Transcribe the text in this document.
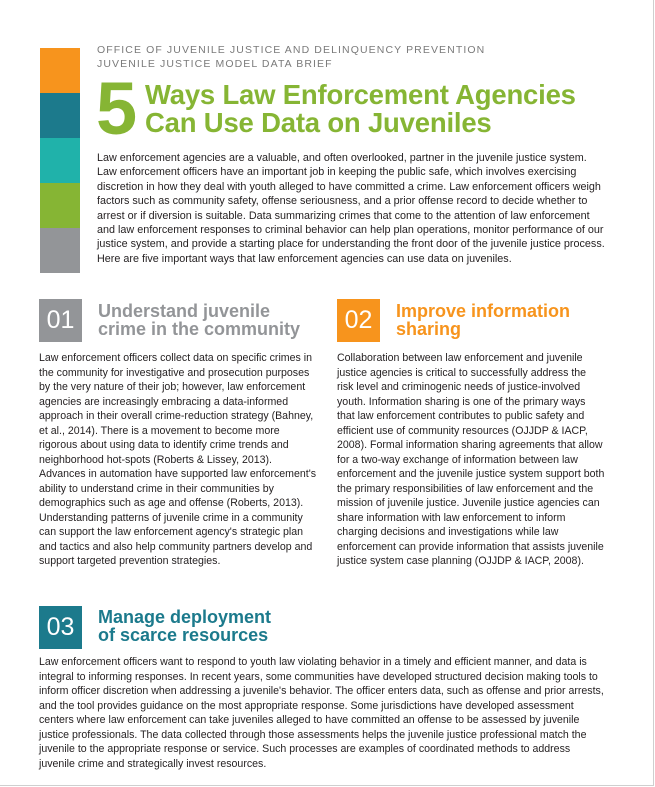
OFFICE OF JUVENILE JUSTICE AND DELINQUENCY PREVENTION
JUVENILE JUSTICE MODEL DATA BRIEF
5 Ways Law Enforcement Agencies
Can Use Data on Juveniles
Law enforcement agencies are a valuable, and often overlooked, partner in the juvenile justice system. Law enforcement officers have an important job in keeping the public safe, which involves exercising discretion in how they deal with youth alleged to have committed a crime. Law enforcement officers weigh factors such as community safety, offense seriousness, and a prior offense record to decide whether to arrest or if diversion is suitable. Data summarizing crimes that come to the attention of law enforcement and law enforcement responses to criminal behavior can help plan operations, monitor performance of our justice system, and provide a starting place for understanding the front door of the juvenile justice process. Here are five important ways that law enforcement agencies can use data on juveniles.
01	Understand juvenile
crime in the community
Law enforcement officers collect data on specific crimes in the community for investigative and prosecution purposes by the very nature of their job; however, law enforcement agencies are increasingly embracing a data-informed approach in their overall crime-reduction strategy (Bahney, et al., 2014). There is a movement to become more rigorous about using data to identify crime trends and neighborhood hot-spots (Roberts & Lissey, 2013). Advances in automation have supported law enforcement's ability to understand crime in their communities by demographics such as age and offense (Roberts, 2013). Understanding patterns of juvenile crime in a community can support the law enforcement agency's strategic plan and tactics and also help community partners develop and support targeted prevention strategies.
02	Improve information
sharing
Collaboration between law enforcement and juvenile justice agencies is critical to successfully address the risk level and criminogenic needs of justice-involved youth. Information sharing is one of the primary ways that law enforcement contributes to public safety and efficient use of community resources (OJJDP & IACP, 2008). Formal information sharing agreements that allow for a two-way exchange of information between law enforcement and the juvenile justice system support both the primary responsibilities of law enforcement and the mission of juvenile justice. Juvenile justice agencies can share information with law enforcement to inform charging decisions and investigations while law enforcement can provide information that assists juvenile justice system case planning (OJJDP & IACP, 2008).
03	Manage deployment
of scarce resources
Law enforcement officers want to respond to youth law violating behavior in a timely and efficient manner, and data is integral to informing responses. In recent years, some communities have developed structured decision making tools to inform officer discretion when addressing a juvenile's behavior. The officer enters data, such as offense and prior arrests, and the tool provides guidance on the most appropriate response. Some jurisdictions have developed assessment centers where law enforcement can take juveniles alleged to have committed an offense to be assessed by juvenile justice professionals. The data collected through those assessments helps the juvenile justice professional match the juvenile to the appropriate response or service. Such processes are examples of coordinated methods to address juvenile crime and strategically invest resources.
